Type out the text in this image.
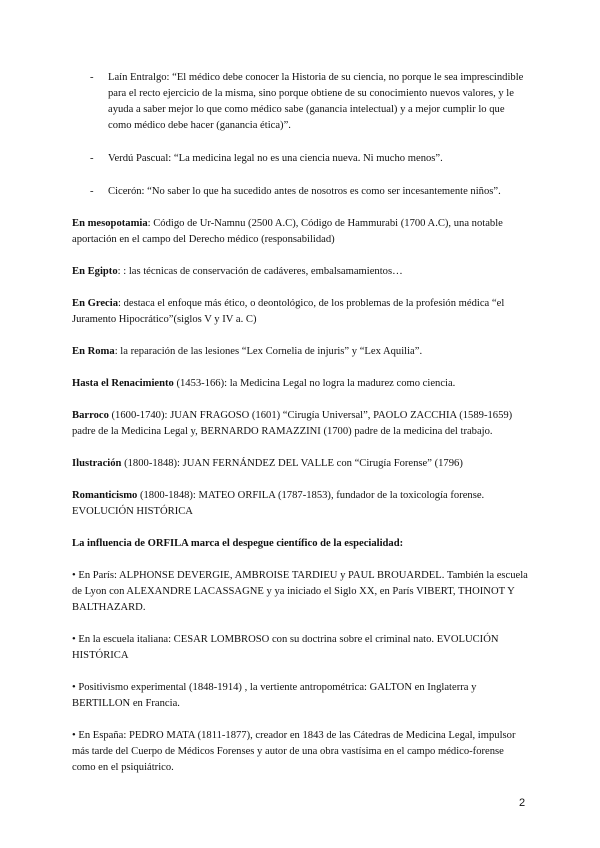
- Laín Entralgo: “El médico debe conocer la Historia de su ciencia, no porque le sea imprescindible para el recto ejercicio de la misma, sino porque obtiene de su conocimiento nuevos valores, y le ayuda a saber mejor lo que como médico sabe (ganancia intelectual) y a mejor cumplir lo que como médico debe hacer (ganancia ética)”.
- Verdú Pascual: “La medicina legal no es una ciencia nueva. Ni mucho menos”.
- Cicerón: “No saber lo que ha sucedido antes de nosotros es como ser incesantemente niños”.

En mesopotamia: Código de Ur-Namnu (2500 A.C), Código de Hammurabi (1700 A.C), una notable aportación en el campo del Derecho médico (responsabilidad)

En Egipto: : las técnicas de conservación de cadáveres, embalsamamientos…

En Grecia: destaca el enfoque más ético, o deontológico, de los problemas de la profesión médica “el Juramento Hipocrático”(siglos V y IV a. C)

En Roma: la reparación de las lesiones “Lex Cornelia de injuris” y “Lex Aquilia”.

Hasta el Renacimiento (1453-166): la Medicina Legal no logra la madurez como ciencia.

Barroco (1600-1740): JUAN FRAGOSO (1601) “Cirugía Universal”, PAOLO ZACCHIA (1589-1659) padre de la Medicina Legal y, BERNARDO RAMAZZINI (1700) padre de la medicina del trabajo.

Ilustración (1800-1848): JUAN FERNÁNDEZ DEL VALLE con “Cirugía Forense” (1796)

Romanticismo (1800-1848): MATEO ORFILA (1787-1853), fundador de la toxicología forense. EVOLUCIÓN HISTÓRICA

La influencia de ORFILA marca el despegue científico de la especialidad:

• En París: ALPHONSE DEVERGIE, AMBROISE TARDIEU y PAUL BROUARDEL. También la escuela de Lyon con ALEXANDRE LACASSAGNE y ya iniciado el Siglo XX, en París VIBERT, THOINOT Y BALTHAZARD.

• En la escuela italiana: CESAR LOMBROSO con su doctrina sobre el criminal nato. EVOLUCIÓN HISTÓRICA

• Positivismo experimental (1848-1914) , la vertiente antropométrica: GALTON en Inglaterra y BERTILLON en Francia.

• En España: PEDRO MATA (1811-1877), creador en 1843 de las Cátedras de Medicina Legal, impulsor más tarde del Cuerpo de Médicos Forenses y autor de una obra vastísima en el campo médico-forense como en el psiquiátrico.

2
